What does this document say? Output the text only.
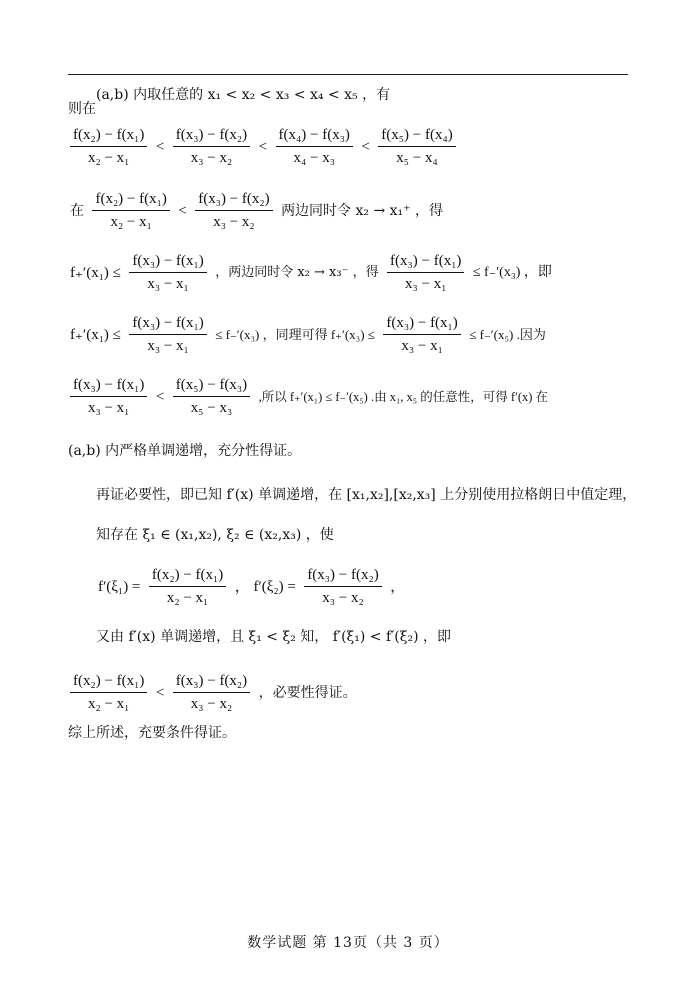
(a,b) 内取任意的 x₁ < x₂ < x₃ < x₄ < x₅ ，有
则在
$\frac{\text{f(x₂) − f(x₁)}}{\text{x₂ − x₁}} < \frac{\text{f(x₃) − f(x₂)}}{\text{x₃ − x₂}} < \frac{\text{f(x₄) − f(x₃)}}{\text{x₄ − x₃}} < \frac{\text{f(x₅) − f(x₄)}}{\text{x₅ − x₄}}$
在 $\frac{\text{f(x₂) − f(x₁)}}{\text{x₂ − x₁}} < \frac{\text{f(x₃) − f(x₂)}}{\text{x₃ − x₂}}$ 两边同时令 x₂ → x₁⁺ ，得
$f_+'(x_1) \le \frac{\text{f(x₃) − f(x₁)}}{\text{x₃ − x₁}}$ ，两边同时令 x₂ → x₃⁻ ，得 $\frac{\text{f(x₃) − f(x₁)}}{\text{x₃ − x₁}} \le f_-'(x_3)$ ，即
$f_+'(x_1) \le \frac{\text{f(x₃) − f(x₁)}}{\text{x₃ − x₁}} \le f_-'(x_3)$ ，同理可得 $f_+'(x_3) \le \frac{\text{f(x₃) − f(x₁)}}{\text{x₃ − x₁}} \le f_-'(x_5)$ .因为
$\frac{\text{f(x₃) − f(x₁)}}{\text{x₃ − x₁}} < \frac{\text{f(x₅) − f(x₃)}}{\text{x₅ − x₃}}$ ,所以 f₊′(x₁) ≤ f₋′(x₅) .由 x₁, x₅ 的任意性，可得 f′(x) 在
(a,b) 内严格单调递增，充分性得证。
再证必要性，即已知 f′(x) 单调递增，在 [x₁,x₂],[x₂,x₃] 上分别使用拉格朗日中值定理，
知存在 ξ₁ ∈ (x₁,x₂), ξ₂ ∈ (x₂,x₃) ，使
$f'(\xi_1) = \frac{\text{f(x₂) − f(x₁)}}{\text{x₂ − x₁}}$ ， $f'(\xi_2) = \frac{\text{f(x₃) − f(x₂)}}{\text{x₃ − x₂}}$ ，
又由 f′(x) 单调递增，且 ξ₁ < ξ₂ 知， f′(ξ₁) < f′(ξ₂) ，即
$\frac{\text{f(x₂) − f(x₁)}}{\text{x₂ − x₁}} < \frac{\text{f(x₃) − f(x₂)}}{\text{x₃ − x₂}}$ ，必要性得证。
综上所述，充要条件得证。
数学试题 第 13页（共 3 页）
